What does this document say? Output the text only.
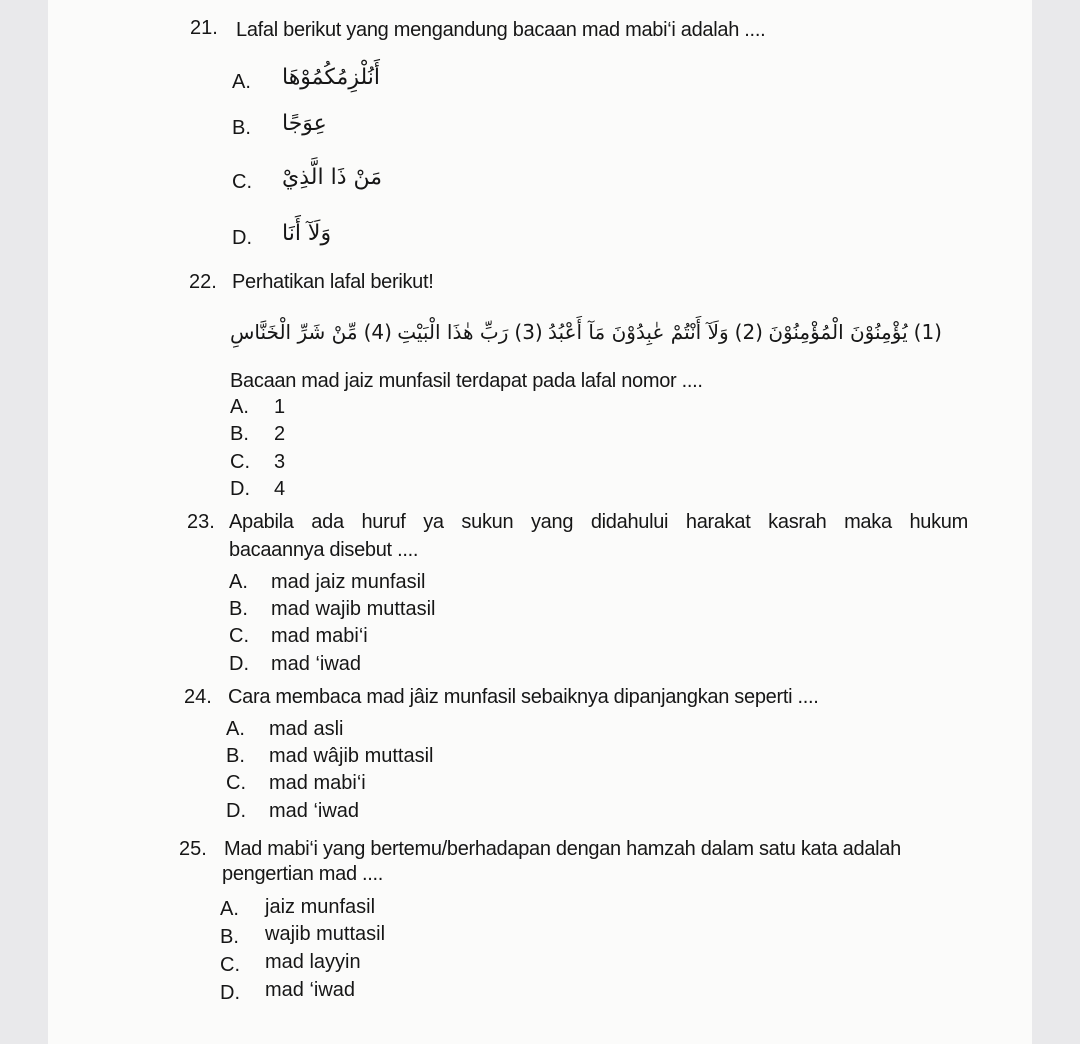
21. Lafal berikut yang mengandung bacaan mad mabi‘i adalah ....
A. أَنُلْزِمُكُمُوْهَا
B. عِوَجًا
C. مَنْ ذَا الَّذِيْ
D. وَلَآ أَنَا
22. Perhatikan lafal berikut!
يُؤْمِنُوْنَ الْمُؤْمِنُوْنَ (1)
وَلَآ أَنْتُمْ عٰبِدُوْنَ مَآ أَعْبُدُ (2)
رَبِّ هٰذَا الْبَيْتِ (3)
مِّنْ شَرِّ الْخَنَّاسِ (4)
Bacaan mad jaiz munfasil terdapat pada lafal nomor ....
A. 1
B. 2
C. 3
D. 4
23. Apabila ada huruf ya sukun yang didahului harakat kasrah maka hukum
bacaannya disebut ....
A. mad jaiz munfasil
B. mad wajib muttasil
C. mad mabi‘i
D. mad ‘iwad
24. Cara membaca mad jâiz munfasil sebaiknya dipanjangkan seperti ....
A. mad asli
B. mad wâjib muttasil
C. mad mabi‘i
D. mad ‘iwad
25. Mad mabi‘i yang bertemu/berhadapan dengan hamzah dalam satu kata adalah
pengertian mad ....
A. jaiz munfasil
B. wajib muttasil
C. mad layyin
D. mad ‘iwad
